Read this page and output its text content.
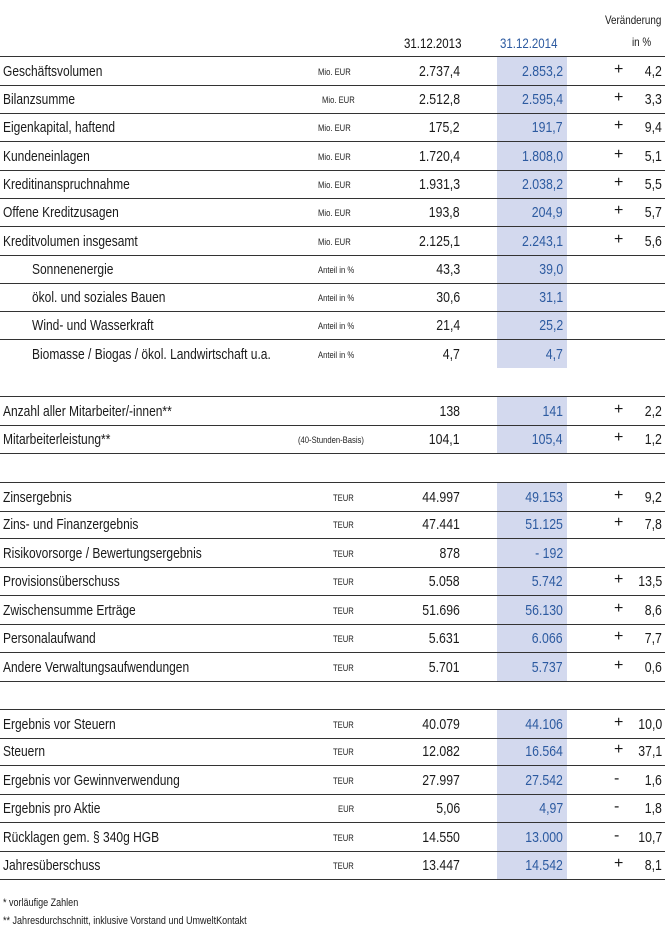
Veränderung
in %
31.12.2013	31.12.2014
Geschäftsvolumen	Mio. EUR	2.737,4	2.853,2	+ 4,2
Bilanzsumme	Mio. EUR	2.512,8	2.595,4	+ 3,3
Eigenkapital, haftend	Mio. EUR	175,2	191,7	+ 9,4
Kundeneinlagen	Mio. EUR	1.720,4	1.808,0	+ 5,1
Kreditinanspruchnahme	Mio. EUR	1.931,3	2.038,2	+ 5,5
Offene Kreditzusagen	Mio. EUR	193,8	204,9	+ 5,7
Kreditvolumen insgesamt	Mio. EUR	2.125,1	2.243,1	+ 5,6
Sonnenenergie	Anteil in %	43,3	39,0
ökol. und soziales Bauen	Anteil in %	30,6	31,1
Wind- und Wasserkraft	Anteil in %	21,4	25,2
Biomasse / Biogas / ökol. Landwirtschaft u.a.	Anteil in %	4,7	4,7
Anzahl aller Mitarbeiter/-innen**	138	141	+ 2,2
Mitarbeiterleistung**	(40-Stunden-Basis)	104,1	105,4	+ 1,2
Zinsergebnis	TEUR	44.997	49.153	+ 9,2
Zins- und Finanzergebnis	TEUR	47.441	51.125	+ 7,8
Risikovorsorge / Bewertungsergebnis	TEUR	878	- 192
Provisionsüberschuss	TEUR	5.058	5.742	+ 13,5
Zwischensumme Erträge	TEUR	51.696	56.130	+ 8,6
Personalaufwand	TEUR	5.631	6.066	+ 7,7
Andere Verwaltungsaufwendungen	TEUR	5.701	5.737	+ 0,6
Ergebnis vor Steuern	TEUR	40.079	44.106	+ 10,0
Steuern	TEUR	12.082	16.564	+ 37,1
Ergebnis vor Gewinnverwendung	TEUR	27.997	27.542	- 1,6
Ergebnis pro Aktie	EUR	5,06	4,97	- 1,8
Rücklagen gem. § 340g HGB	TEUR	14.550	13.000	- 10,7
Jahresüberschuss	TEUR	13.447	14.542	+ 8,1
* vorläufige Zahlen
** Jahresdurchschnitt, inklusive Vorstand und UmweltKontakt
